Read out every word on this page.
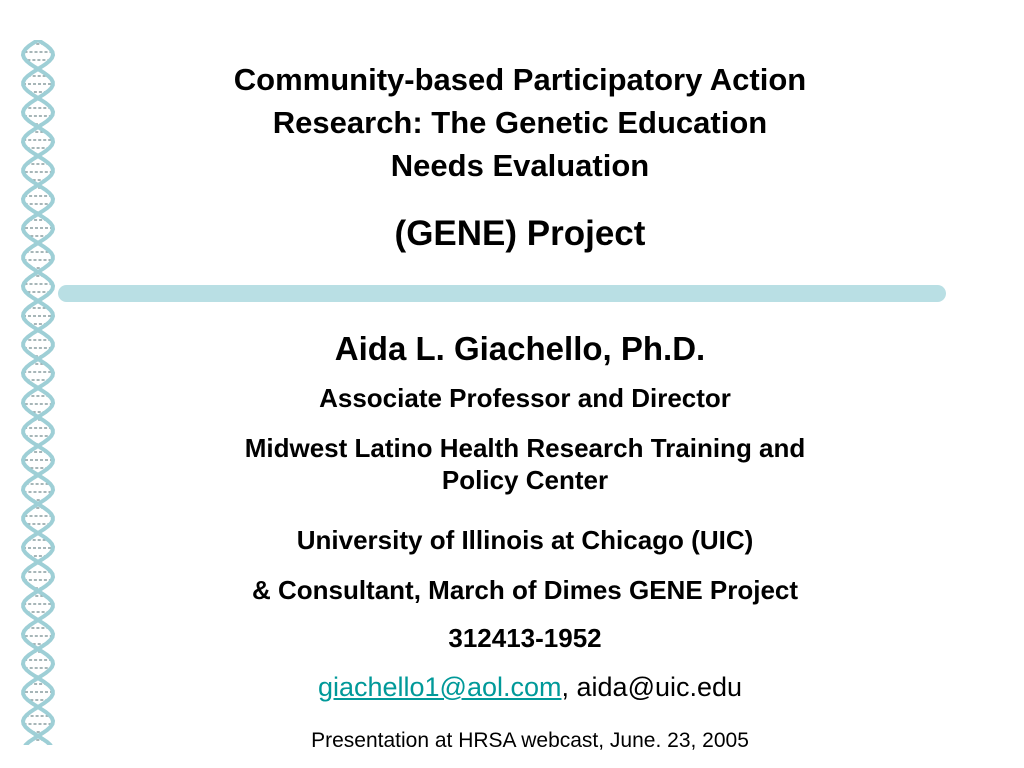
Community-based Participatory Action
Research: The Genetic Education
Needs Evaluation
(GENE) Project
Aida L. Giachello, Ph.D.
Associate Professor and Director
Midwest Latino Health Research Training and
Policy Center
University of Illinois at Chicago (UIC)
& Consultant, March of Dimes GENE Project
312413-1952
giachello1@aol.com, aida@uic.edu
Presentation at HRSA webcast, June. 23, 2005
